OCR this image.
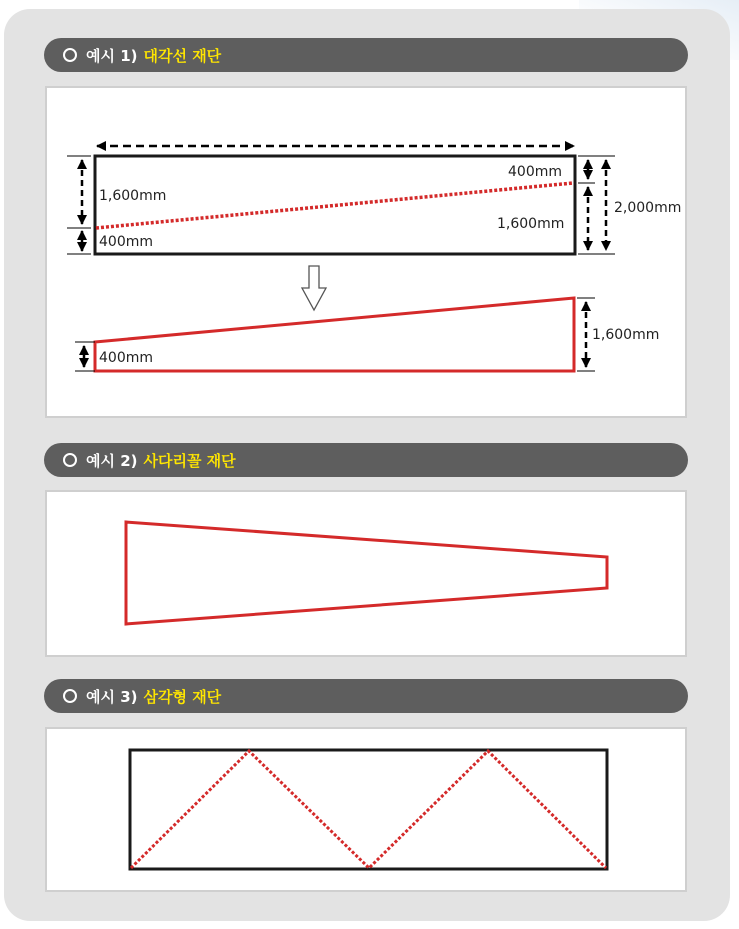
예시 1) 대각선 재단
1,600mm
400mm
400mm
1,600mm
2,000mm
400mm
1,600mm
예시 2) 사다리꼴 재단
예시 3) 삼각형 재단
